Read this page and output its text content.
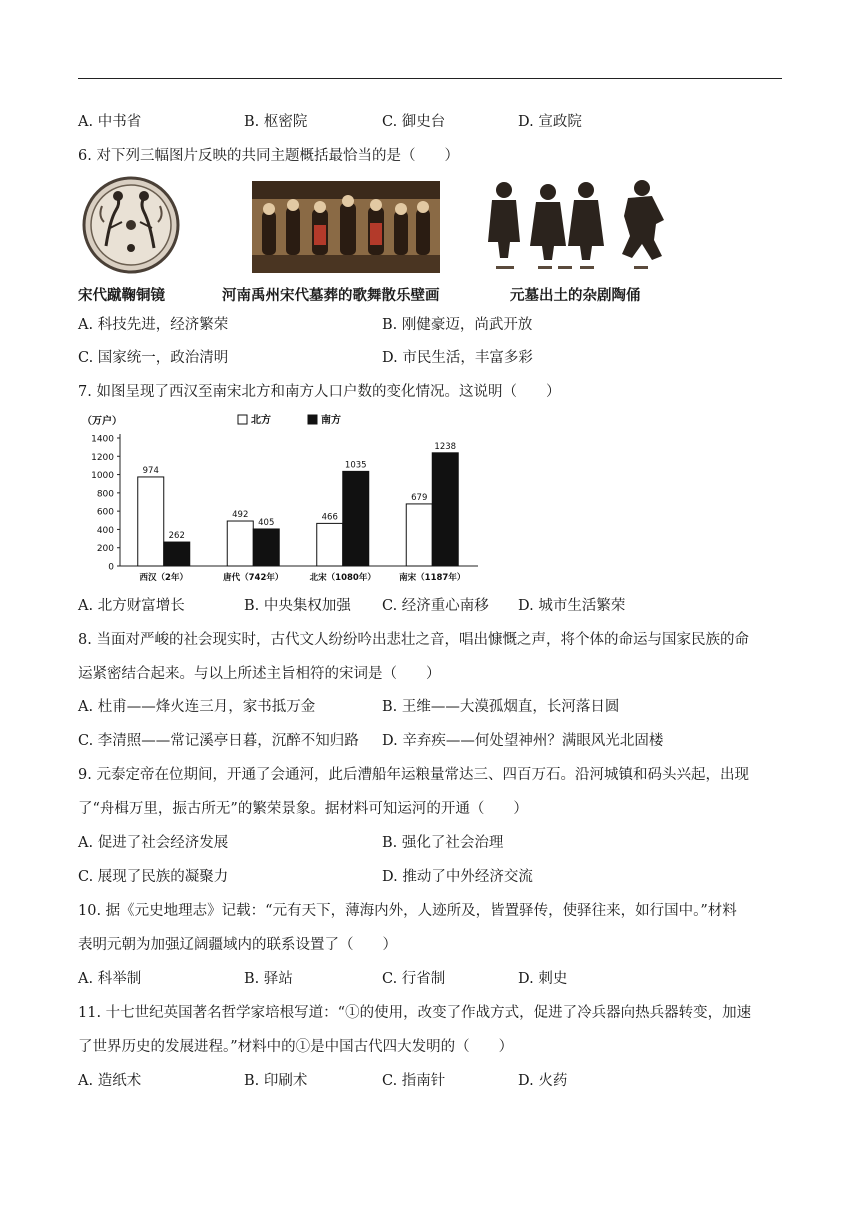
A. 中书省	B. 枢密院	C. 御史台	D. 宣政院
6. 对下列三幅图片反映的共同主题概括最恰当的是（　　）
宋代蹴鞠铜镜	河南禹州宋代墓葬的歌舞散乐壁画	元墓出土的杂剧陶俑
A. 科技先进，经济繁荣	B. 刚健豪迈，尚武开放
C. 国家统一，政治清明	D. 市民生活，丰富多彩
7. 如图呈现了西汉至南宋北方和南方人口户数的变化情况。这说明（　　）
（万户）	北方	南方
0
200
400
600
800
1000
1200
1400
974
262
西汉（2年）
492
405
唐代（742年）
466
1035
北宋（1080年）
679
1238
南宋（1187年）
A. 北方财富增长	B. 中央集权加强 C. 经济重心南移 D. 城市生活繁荣
8. 当面对严峻的社会现实时，古代文人纷纷吟出悲壮之音，唱出慷慨之声，将个体的命运与国家民族的命
运紧密结合起来。与以上所述主旨相符的宋词是（　　）
A. 杜甫——烽火连三月，家书抵万金	B. 王维——大漠孤烟直，长河落日圆
C. 李清照——常记溪亭日暮，沉醉不知归路 D. 辛弃疾——何处望神州？满眼风光北固楼
9. 元泰定帝在位期间，开通了会通河，此后漕船年运粮量常达三、四百万石。沿河城镇和码头兴起，出现
了“舟楫万里，振古所无”的繁荣景象。据材料可知运河的开通（　　）
A. 促进了社会经济发展	B. 强化了社会治理
C. 展现了民族的凝聚力	D. 推动了中外经济交流
10. 据《元史地理志》记载：“元有天下，薄海内外，人迹所及，皆置驿传，使驿往来，如行国中。”材料
表明元朝为加强辽阔疆域内的联系设置了（　　）
A. 科举制	B. 驿站	C. 行省制	D. 刺史
11. 十七世纪英国著名哲学家培根写道：“①的使用，改变了作战方式，促进了冷兵器向热兵器转变，加速
了世界历史的发展进程。”材料中的①是中国古代四大发明的（　　）
A. 造纸术	B. 印刷术	C. 指南针	D. 火药
